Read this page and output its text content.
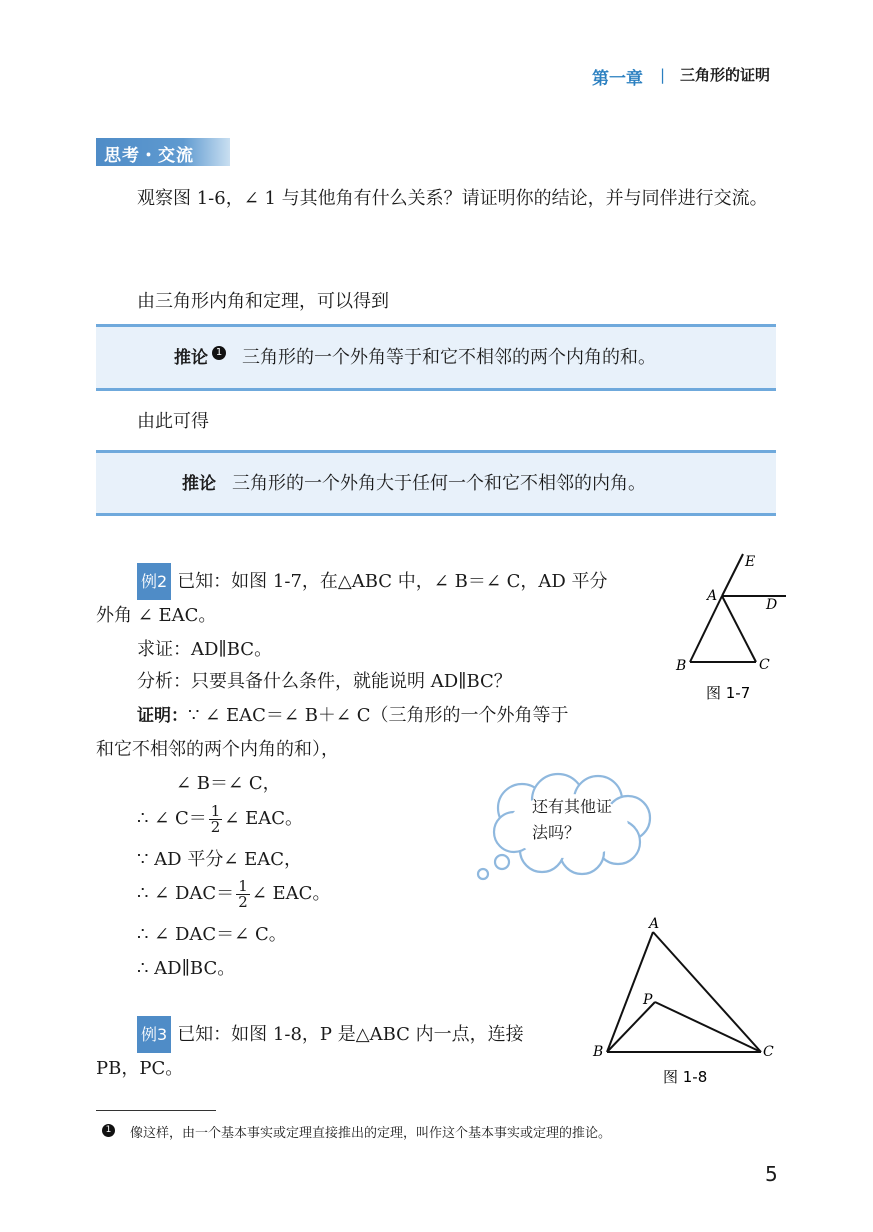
第一章 | 三角形的证明
思考・交流
观察图 1-6，∠ 1 与其他角有什么关系？请证明你的结论，并与同伴进行交流。
由三角形内角和定理，可以得到
推论 1 三角形的一个外角等于和它不相邻的两个内角的和。
由此可得
推论 三角形的一个外角大于任何一个和它不相邻的内角。
例2 已知：如图 1-7，在△ABC 中，∠ B＝∠ C，AD 平分
外角 ∠ EAC。
求证：AD∥BC。
分析：只要具备什么条件，就能说明 AD∥BC？
证明：∵ ∠ EAC＝∠ B＋∠ C（三角形的一个外角等于
和它不相邻的两个内角的和），
∠ B＝∠ C，
∴ ∠ $C= \frac{1}{2}$ ∠ EAC。
∵ AD 平分∠ EAC，
∴ ∠ $DAC= \frac{1}{2}$ ∠ EAC。
∴ ∠ DAC＝∠ C。
∴ AD∥BC。
A
B	C
D
E
图 1-7
还有其他证
法吗？
A
B	C
P
图 1-8
例3 已知：如图 1-8，P 是△ABC 内一点，连接
PB，PC。
1 像这样，由一个基本事实或定理直接推出的定理，叫作这个基本事实或定理的推论。
5
